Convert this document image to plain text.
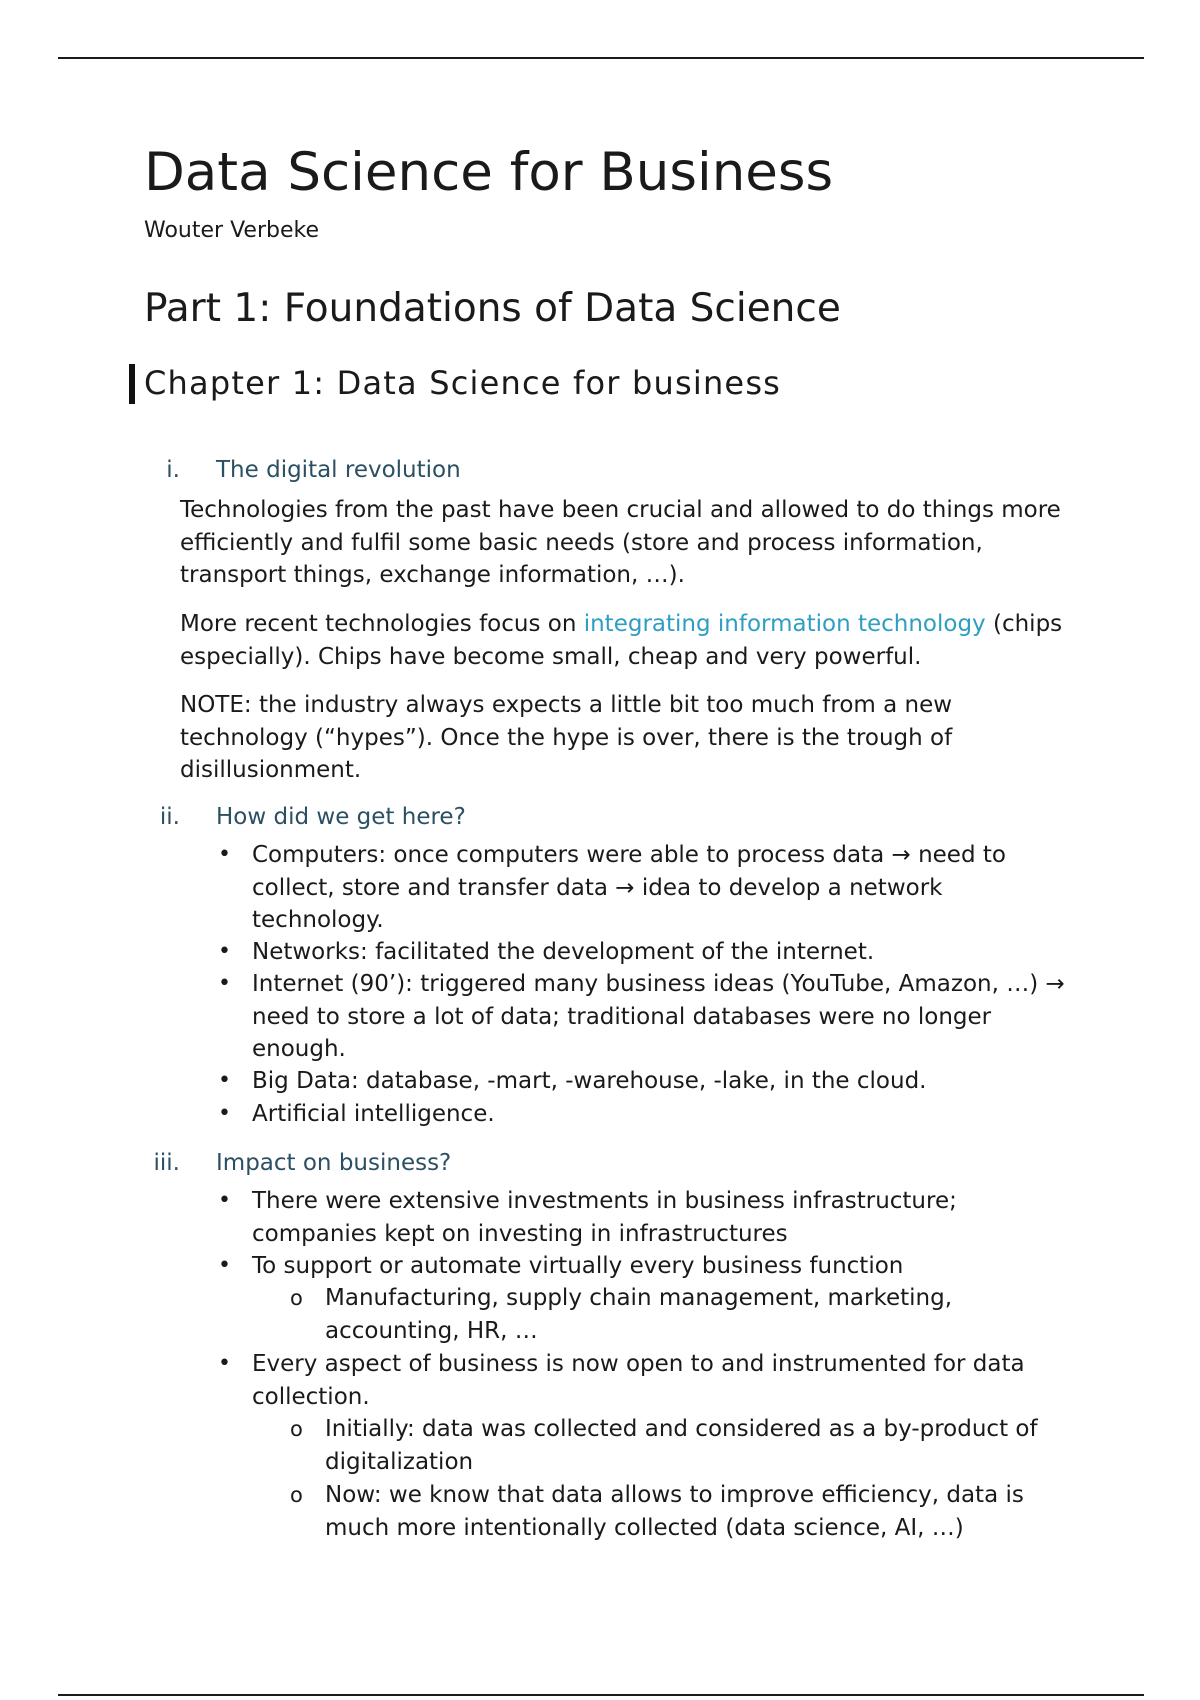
Data Science for Business
Wouter Verbeke
Part 1: Foundations of Data Science
Chapter 1: Data Science for business
i. The digital revolution

Technologies from the past have been crucial and allowed to do things more efficiently and fulfil some basic needs (store and process information, transport things, exchange information, …).

More recent technologies focus on integrating information technology (chips especially). Chips have become small, cheap and very powerful.

NOTE: the industry always expects a little bit too much from a new technology (“hypes”). Once the hype is over, there is the trough of disillusionment.

ii. How did we get here?
• Computers: once computers were able to process data → need to collect, store and transfer data → idea to develop a network technology.
• Networks: facilitated the development of the internet.
• Internet (90’): triggered many business ideas (YouTube, Amazon, …) → need to store a lot of data; traditional databases were no longer enough.
• Big Data: database, -mart, -warehouse, -lake, in the cloud.
• Artificial intelligence.
iii. Impact on business?
• There were extensive investments in business infrastructure; companies kept on investing in infrastructures
• To support or automate virtually every business function
o Manufacturing, supply chain management, marketing, accounting, HR, …
• Every aspect of business is now open to and instrumented for data collection.
o Initially: data was collected and considered as a by-product of digitalization
o Now: we know that data allows to improve efficiency, data is much more intentionally collected (data science, AI, …)
